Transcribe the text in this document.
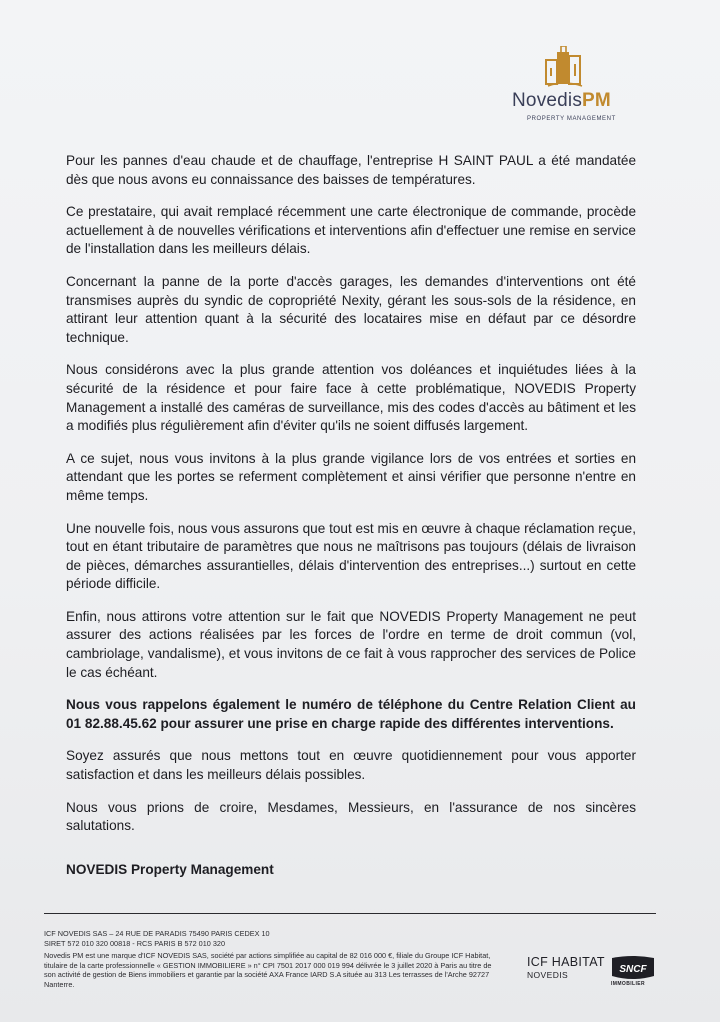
NovedisPM
PROPERTY MANAGEMENT

Pour les pannes d'eau chaude et de chauffage, l'entreprise H SAINT PAUL a été mandatée dès que nous avons eu connaissance des baisses de températures.

Ce prestataire, qui avait remplacé récemment une carte électronique de commande, procède actuellement à de nouvelles vérifications et interventions afin d'effectuer une remise en service de l'installation dans les meilleurs délais.

Concernant la panne de la porte d'accès garages, les demandes d'interventions ont été transmises auprès du syndic de copropriété Nexity, gérant les sous-sols de la résidence, en attirant leur attention quant à la sécurité des locataires mise en défaut par ce désordre technique.

Nous considérons avec la plus grande attention vos doléances et inquiétudes liées à la sécurité de la résidence et pour faire face à cette problématique, NOVEDIS Property Management a installé des caméras de surveillance, mis des codes d'accès au bâtiment et les a modifiés plus régulièrement afin d'éviter qu'ils ne soient diffusés largement.

A ce sujet, nous vous invitons à la plus grande vigilance lors de vos entrées et sorties en attendant que les portes se referment complètement et ainsi vérifier que personne n'entre en même temps.

Une nouvelle fois, nous vous assurons que tout est mis en œuvre à chaque réclamation reçue, tout en étant tributaire de paramètres que nous ne maîtrisons pas toujours (délais de livraison de pièces, démarches assurantielles, délais d'intervention des entreprises...) surtout en cette période difficile.

Enfin, nous attirons votre attention sur le fait que NOVEDIS Property Management ne peut assurer des actions réalisées par les forces de l'ordre en terme de droit commun (vol, cambriolage, vandalisme), et vous invitons de ce fait à vous rapprocher des services de Police le cas échéant.

Nous vous rappelons également le numéro de téléphone du Centre Relation Client au 01 82.88.45.62 pour assurer une prise en charge rapide des différentes interventions.

Soyez assurés que nous mettons tout en œuvre quotidiennement pour vous apporter satisfaction et dans les meilleurs délais possibles.

Nous vous prions de croire, Mesdames, Messieurs, en l'assurance de nos sincères salutations.

NOVEDIS Property Management

ICF NOVEDIS SAS – 24 RUE DE PARADIS 75490 PARIS CEDEX 10

SIRET 572 010 320 00818 - RCS PARIS B 572 010 320

Novedis PM est une marque d'ICF NOVEDIS SAS, société par actions simplifiée au capital de 82 016 000 €, filiale du Groupe ICF Habitat, titulaire de la carte professionnelle « GESTION IMMOBILIERE » n° CPI 7501 2017 000 019 994 délivrée le 3 juillet 2020 à Paris au titre de son activité de gestion de Biens immobiliers et garantie par la société AXA France IARD S.A située au 313 Les terrasses de l'Arche 92727 Nanterre.
ICF HABITAT
NOVEDIS	SNCF
IMMOBILIER
